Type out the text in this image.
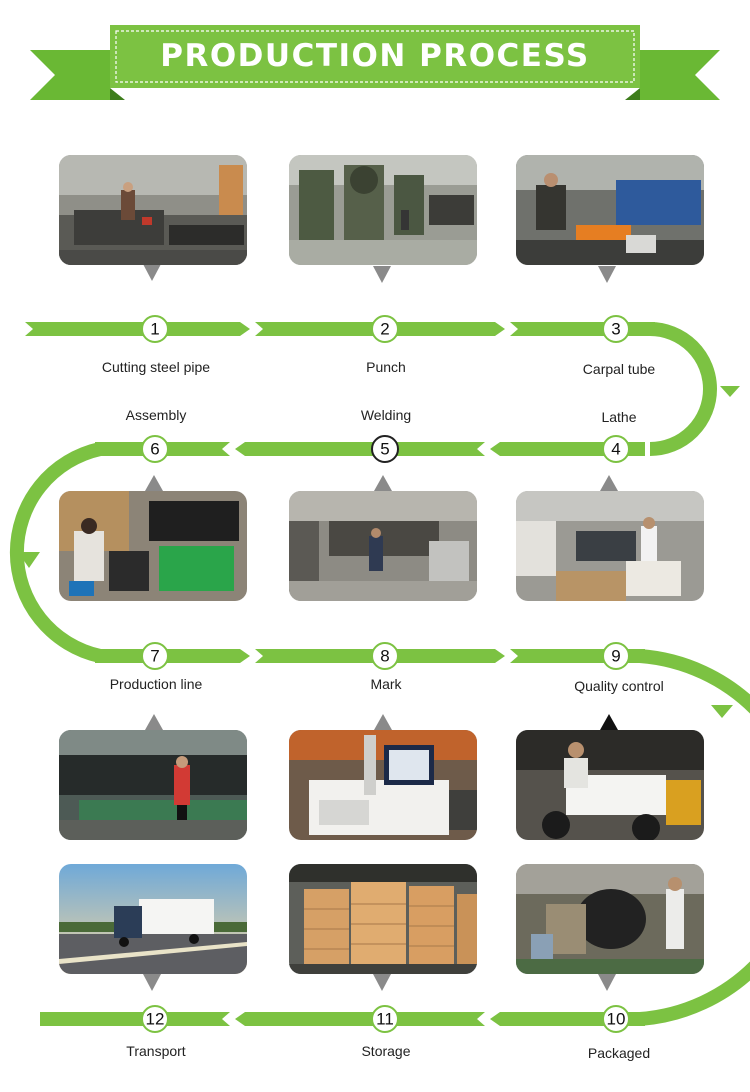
PRODUCTION PROCESS
1	2	3
4
5
6
7	8	9
10
11
12
Cutting steel pipe	Punch	Carpal tube
Lathe
Welding
Assembly
Production line	Mark	Quality control
Packaged
Storage
Transport
